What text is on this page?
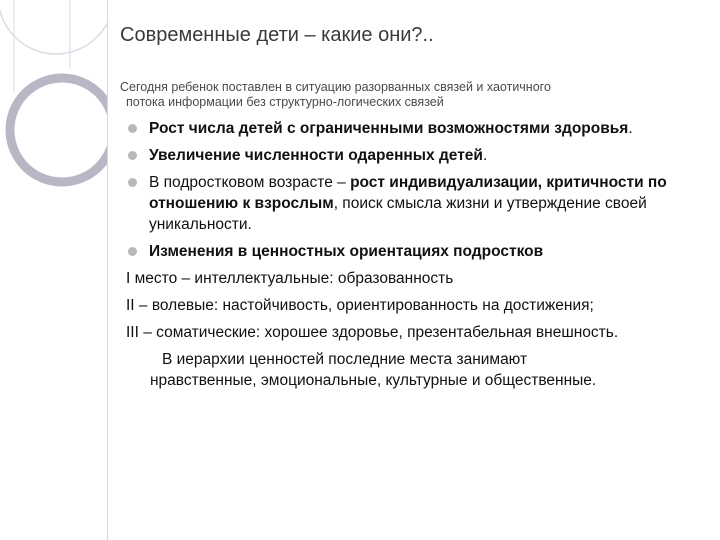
Современные дети – какие они?..
Сегодня ребенок поставлен в ситуацию разорванных связей и хаотичного
потока информации без структурно-логических связей
Рост числа детей с ограниченными возможностями здоровья.
Увеличение численности одаренных детей.
В подростковом возрасте – рост индивидуализации, критичности по отношению к взрослым, поиск смысла жизни и утверждение своей уникальности.
Изменения в ценностных ориентациях подростков
I место – интеллектуальные: образованность
II – волевые: настойчивость, ориентированность на достижения;
III – соматические: хорошее здоровье, презентабельная внешность.
В иерархии ценностей последние места занимают
нравственные, эмоциональные, культурные и общественные.
